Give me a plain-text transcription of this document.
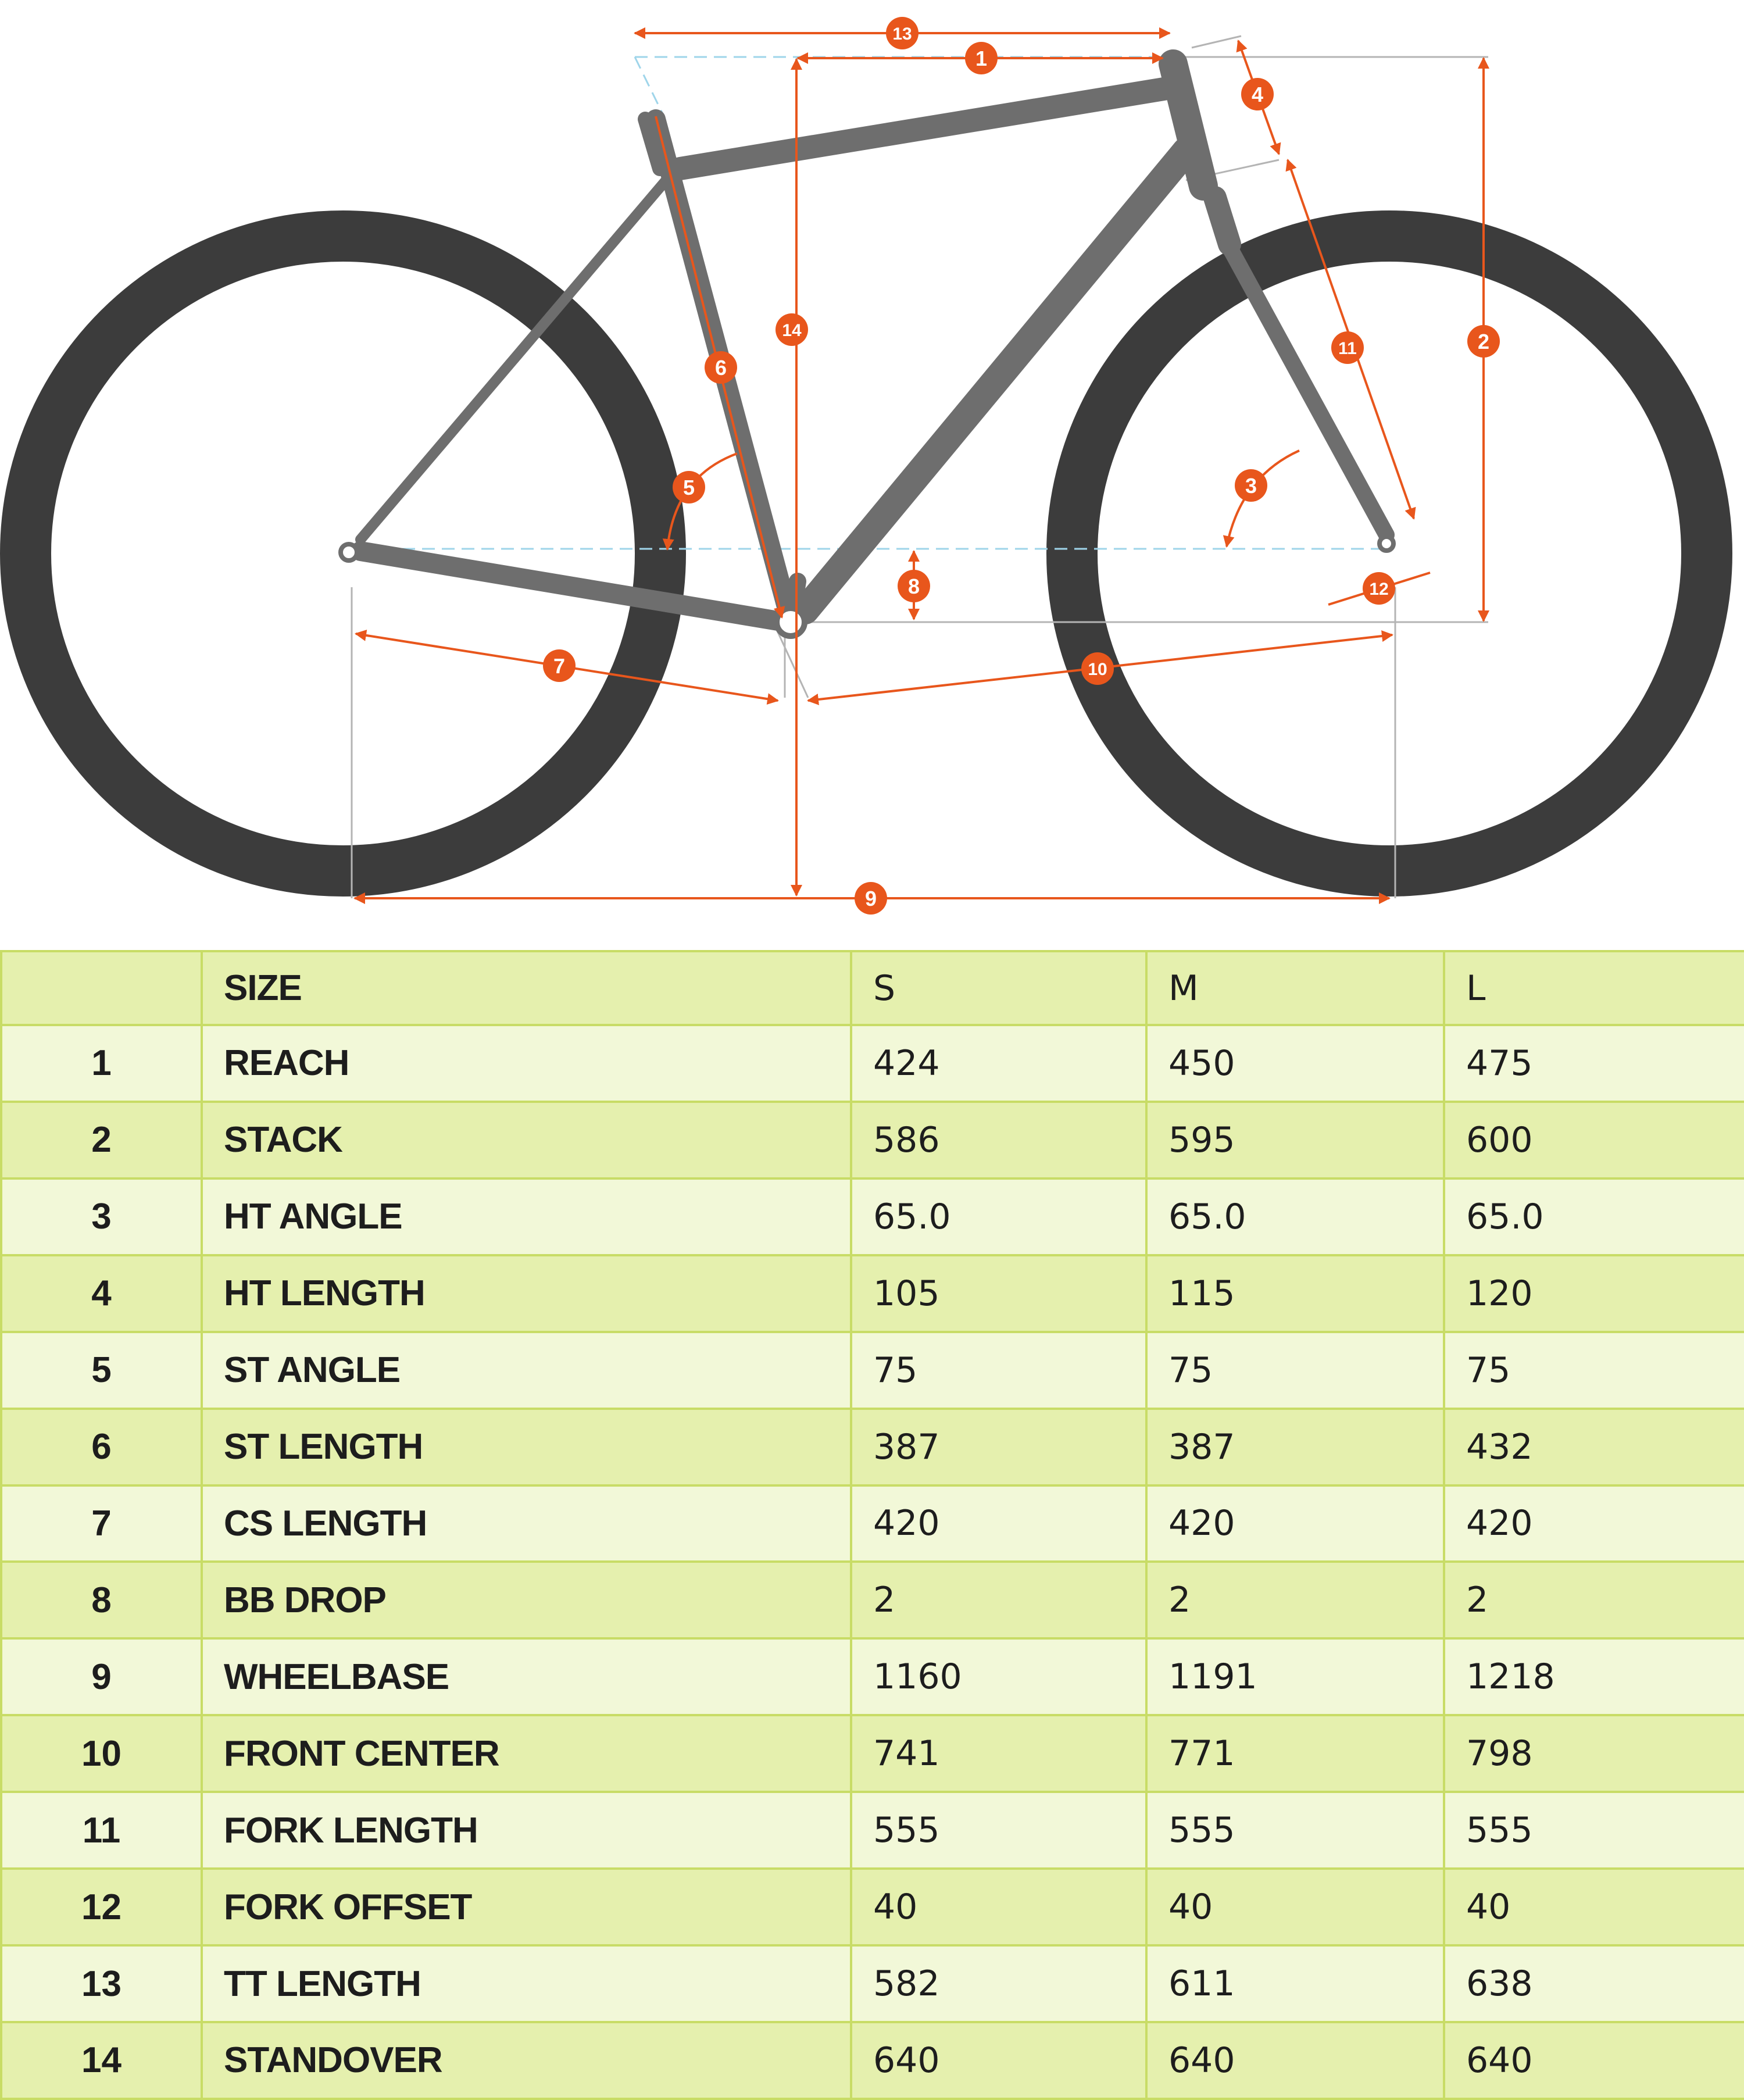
1
2
3
4
5
6
7
8
9
10
11
12
13
14
	SIZE	S	M	L
1	REACH	424	450	475
2	STACK	586	595	600
3	HT ANGLE	65.0	65.0	65.0
4	HT LENGTH	105	115	120
5	ST ANGLE	75	75	75
6	ST LENGTH	387	387	432
7	CS LENGTH	420	420	420
8	BB DROP	2	2	2
9	WHEELBASE	1160	1191	1218
10	FRONT CENTER	741	771	798
11	FORK LENGTH	555	555	555
12	FORK OFFSET	40	40	40
13	TT LENGTH	582	611	638
14	STANDOVER	640	640	640
